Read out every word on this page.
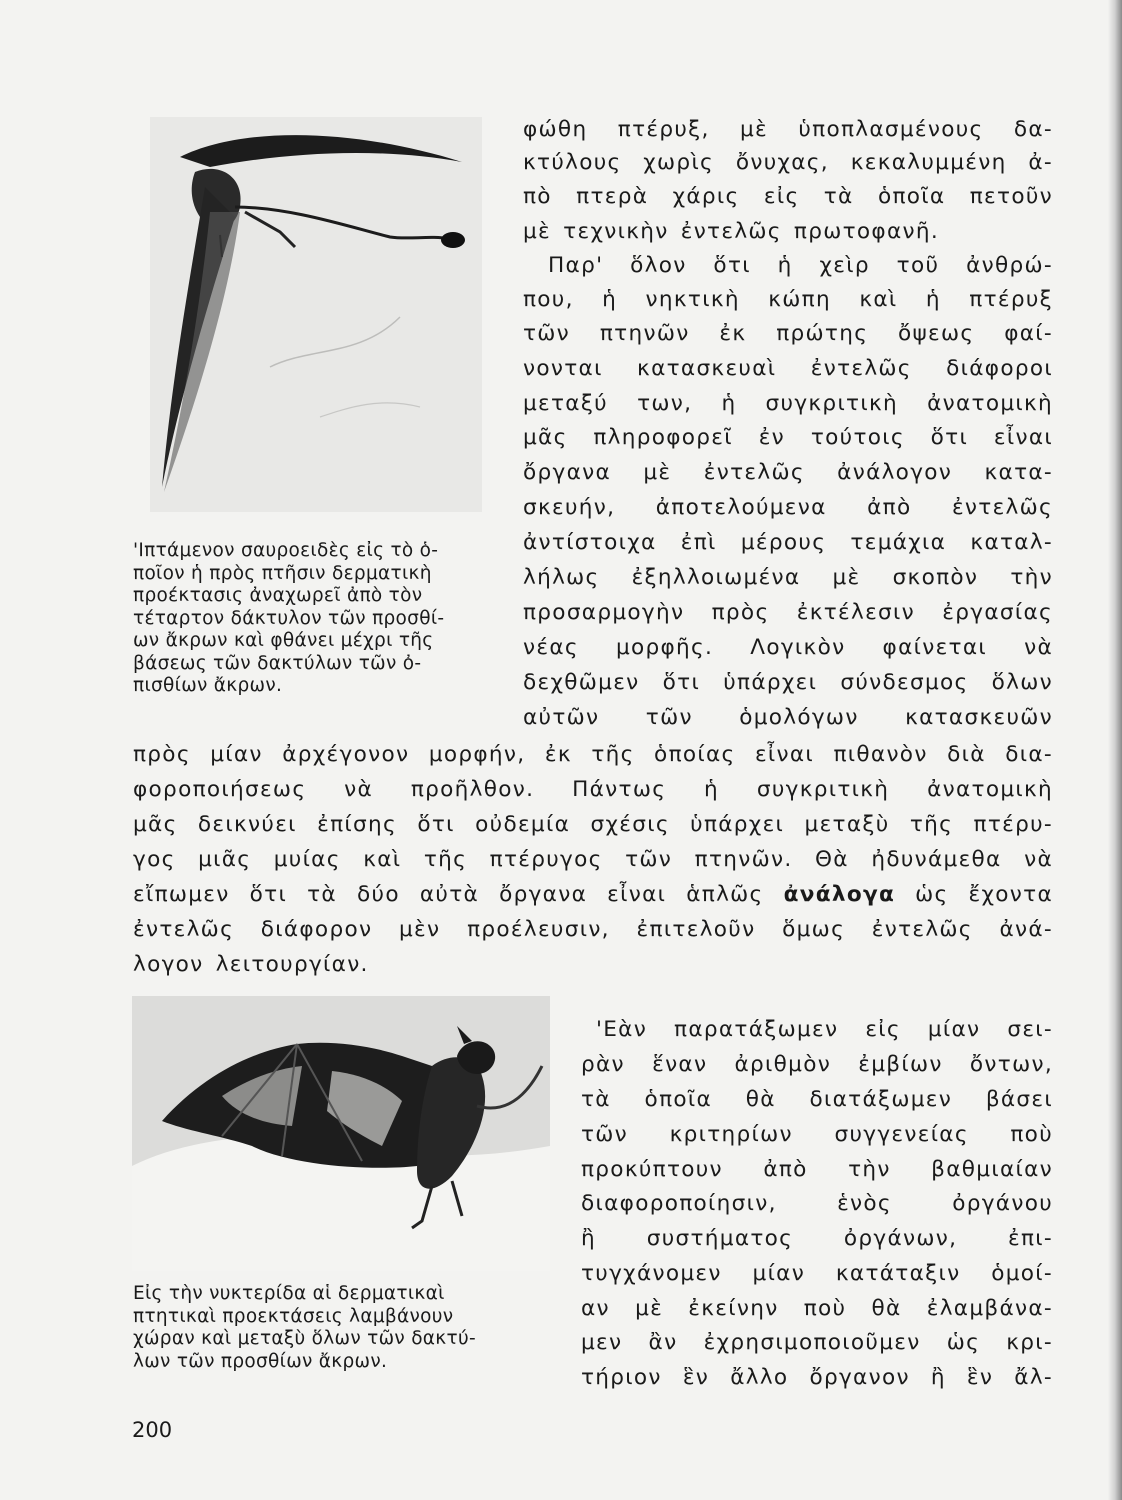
'Ιπτάμενον σαυροειδὲς εἰς τὸ ὁ-
ποῖον ἡ πρὸς πτῆσιν δερματικὴ
προέκτασις ἀναχωρεῖ ἀπὸ τὸν
τέταρτον δάκτυλον τῶν προσθί-
ων ἄκρων καὶ φθάνει μέχρι τῆς
βάσεως τῶν δακτύλων τῶν ὀ-
πισθίων ἄκρων.
φώθη πτέρυξ, μὲ ὑποπλασμένους δα-
κτύλους χωρὶς ὄνυχας, κεκαλυμμένη ἀ-
πὸ πτερὰ χάρις εἰς τὰ ὁποῖα πετοῦν
μὲ τεχνικὴν ἐντελῶς πρωτοφανῆ.
Παρ' ὅλον ὅτι ἡ χεὶρ τοῦ ἀνθρώ-
που, ἡ νηκτικὴ κώπη καὶ ἡ πτέρυξ
τῶν πτηνῶν ἐκ πρώτης ὄψεως φαί-
νονται κατασκευαὶ ἐντελῶς διάφοροι
μεταξύ των, ἡ συγκριτικὴ ἀνατομικὴ
μᾶς πληροφορεῖ ἐν τούτοις ὅτι εἶναι
ὄργανα μὲ ἐντελῶς ἀνάλογον κατα-
σκευήν, ἀποτελούμενα ἀπὸ ἐντελῶς
ἀντίστοιχα ἐπὶ μέρους τεμάχια καταλ-
λήλως ἐξηλλοιωμένα μὲ σκοπὸν τὴν
προσαρμογὴν πρὸς ἐκτέλεσιν ἐργασίας
νέας μορφῆς. Λογικὸν φαίνεται νὰ
δεχθῶμεν ὅτι ὑπάρχει σύνδεσμος ὅλων
αὐτῶν τῶν ὁμολόγων κατασκευῶν
πρὸς μίαν ἀρχέγονον μορφήν, ἐκ τῆς ὁποίας εἶναι πιθανὸν διὰ δια-
φοροποιήσεως νὰ προῆλθον. Πάντως ἡ συγκριτικὴ ἀνατομικὴ
μᾶς δεικνύει ἐπίσης ὅτι οὐδεμία σχέσις ὑπάρχει μεταξὺ τῆς πτέρυ-
γος μιᾶς μυίας καὶ τῆς πτέρυγος τῶν πτηνῶν. Θὰ ἠδυνάμεθα νὰ
εἴπωμεν ὅτι τὰ δύο αὐτὰ ὄργανα εἶναι ἁπλῶς ἀνάλογα ὡς ἔχοντα
ἐντελῶς διάφορον μὲν προέλευσιν, ἐπιτελοῦν ὅμως ἐντελῶς ἀνά-
λογον λειτουργίαν.
Εἰς τὴν νυκτερίδα αἱ δερματικαὶ
πτητικαὶ προεκτάσεις λαμβάνουν
χώραν καὶ μεταξὺ ὅλων τῶν δακτύ-
λων τῶν προσθίων ἄκρων.
'Εὰν παρατάξωμεν εἰς μίαν σει-
ρὰν ἕναν ἀριθμὸν ἐμβίων ὄντων,
τὰ ὁποῖα θὰ διατάξωμεν βάσει
τῶν κριτηρίων συγγενείας ποὺ
προκύπτουν ἀπὸ τὴν βαθμιαίαν
διαφοροποίησιν, ἑνὸς ὀργάνου
ἢ συστήματος ὀργάνων, ἐπι-
τυγχάνομεν μίαν κατάταξιν ὁμοί-
αν μὲ ἐκείνην ποὺ θὰ ἐλαμβάνα-
μεν ἂν ἐχρησιμοποιοῦμεν ὡς κρι-
τήριον ἓν ἄλλο ὄργανον ἢ ἓν ἄλ-
200
